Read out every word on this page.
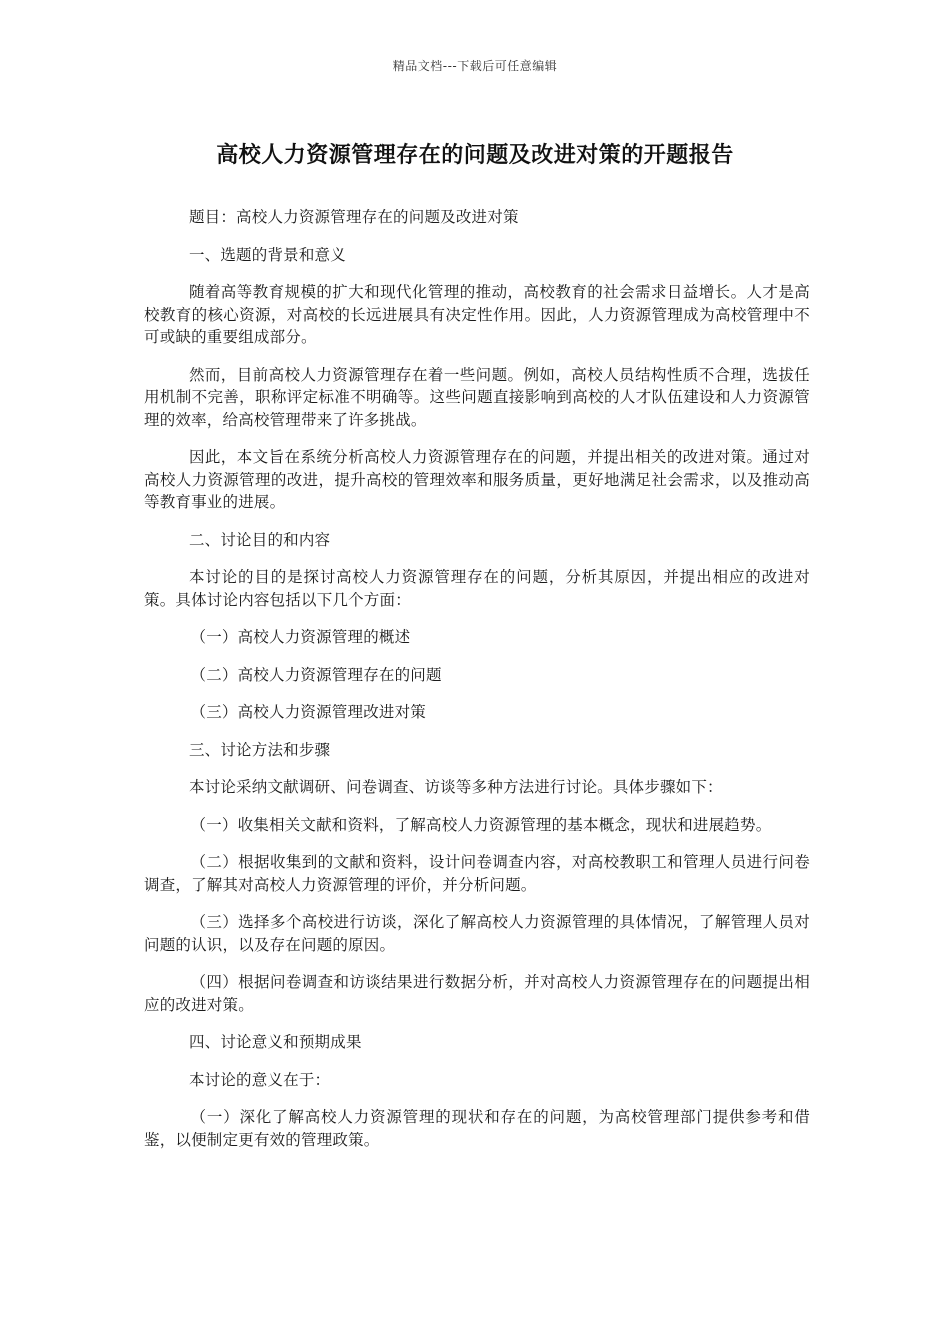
精品文档---下载后可任意编辑
高校人力资源管理存在的问题及改进对策的开题报告

题目：高校人力资源管理存在的问题及改进对策

一、选题的背景和意义

随着高等教育规模的扩大和现代化管理的推动，高校教育的社会需求日益增长。人才是高校教育的核心资源，对高校的长远进展具有决定性作用。因此，人力资源管理成为高校管理中不可或缺的重要组成部分。

然而，目前高校人力资源管理存在着一些问题。例如，高校人员结构性质不合理，选拔任用机制不完善，职称评定标准不明确等。这些问题直接影响到高校的人才队伍建设和人力资源管理的效率，给高校管理带来了许多挑战。

因此，本文旨在系统分析高校人力资源管理存在的问题，并提出相关的改进对策。通过对高校人力资源管理的改进，提升高校的管理效率和服务质量，更好地满足社会需求，以及推动高等教育事业的进展。

二、讨论目的和内容

本讨论的目的是探讨高校人力资源管理存在的问题，分析其原因，并提出相应的改进对策。具体讨论内容包括以下几个方面：

（一）高校人力资源管理的概述

（二）高校人力资源管理存在的问题

（三）高校人力资源管理改进对策

三、讨论方法和步骤

本讨论采纳文献调研、问卷调查、访谈等多种方法进行讨论。具体步骤如下：

（一）收集相关文献和资料，了解高校人力资源管理的基本概念，现状和进展趋势。

（二）根据收集到的文献和资料，设计问卷调查内容，对高校教职工和管理人员进行问卷调查，了解其对高校人力资源管理的评价，并分析问题。

（三）选择多个高校进行访谈，深化了解高校人力资源管理的具体情况，了解管理人员对问题的认识，以及存在问题的原因。

（四）根据问卷调查和访谈结果进行数据分析，并对高校人力资源管理存在的问题提出相应的改进对策。

四、讨论意义和预期成果

本讨论的意义在于：

（一）深化了解高校人力资源管理的现状和存在的问题，为高校管理部门提供参考和借鉴，以便制定更有效的管理政策。
